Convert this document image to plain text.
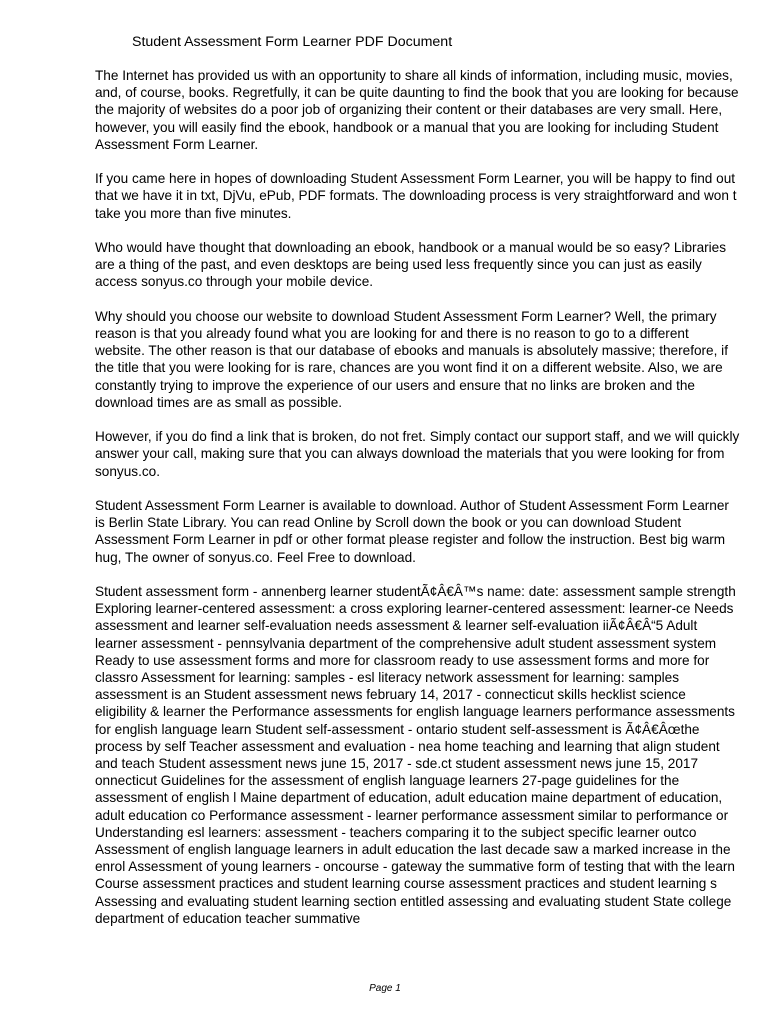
Student Assessment Form Learner PDF Document

The Internet has provided us with an opportunity to share all kinds of information, including music, movies, and, of course, books. Regretfully, it can be quite daunting to find the book that you are looking for because the majority of websites do a poor job of organizing their content or their databases are very small. Here, however, you will easily find the ebook, handbook or a manual that you are looking for including Student Assessment Form Learner.

If you came here in hopes of downloading Student Assessment Form Learner, you will be happy to find out that we have it in txt, DjVu, ePub, PDF formats. The downloading process is very straightforward and won t take you more than five minutes.

Who would have thought that downloading an ebook, handbook or a manual would be so easy? Libraries are a thing of the past, and even desktops are being used less frequently since you can just as easily access sonyus.co through your mobile device.

Why should you choose our website to download Student Assessment Form Learner? Well, the primary reason is that you already found what you are looking for and there is no reason to go to a different website. The other reason is that our database of ebooks and manuals is absolutely massive; therefore, if the title that you were looking for is rare, chances are you wont find it on a different website. Also, we are constantly trying to improve the experience of our users and ensure that no links are broken and the download times are as small as possible.

However, if you do find a link that is broken, do not fret. Simply contact our support staff, and we will quickly answer your call, making sure that you can always download the materials that you were looking for from sonyus.co.

Student Assessment Form Learner is available to download. Author of Student Assessment Form Learner is Berlin State Library. You can read Online by Scroll down the book or you can download Student Assessment Form Learner in pdf or other format please register and follow the instruction. Best big warm hug, The owner of sonyus.co. Feel Free to download.

Student assessment form - annenberg learner studentÃ¢Â€Â™s name: date: assessment sample strength Exploring learner-centered assessment: a cross exploring learner-centered assessment: learner-ce Needs assessment and learner self-evaluation needs assessment & learner self-evaluation iiÃ¢Â€Â“5 Adult learner assessment - pennsylvania department of the comprehensive adult student assessment system Ready to use assessment forms and more for classroom ready to use assessment forms and more for classro Assessment for learning: samples - esl literacy network assessment for learning: samples assessment is an Student assessment news february 14, 2017 - connecticut skills hecklist science eligibility & learner the Performance assessments for english language learners performance assessments for english language learn Student self-assessment - ontario student self-assessment is Ã¢Â€Âœthe process by self Teacher assessment and evaluation - nea home teaching and learning that align student and teach Student assessment news june 15, 2017 - sde.ct student assessment news june 15, 2017 onnecticut Guidelines for the assessment of english language learners 27-page guidelines for the assessment of english l Maine department of education, adult education maine department of education, adult education co Performance assessment - learner performance assessment similar to performance or Understanding esl learners: assessment - teachers comparing it to the subject specific learner outco Assessment of english language learners in adult education the last decade saw a marked increase in the enrol Assessment of young learners - oncourse - gateway the summative form of testing that with the learn Course assessment practices and student learning course assessment practices and student learning s Assessing and evaluating student learning section entitled assessing and evaluating student State college department of education teacher summative

Page 1
